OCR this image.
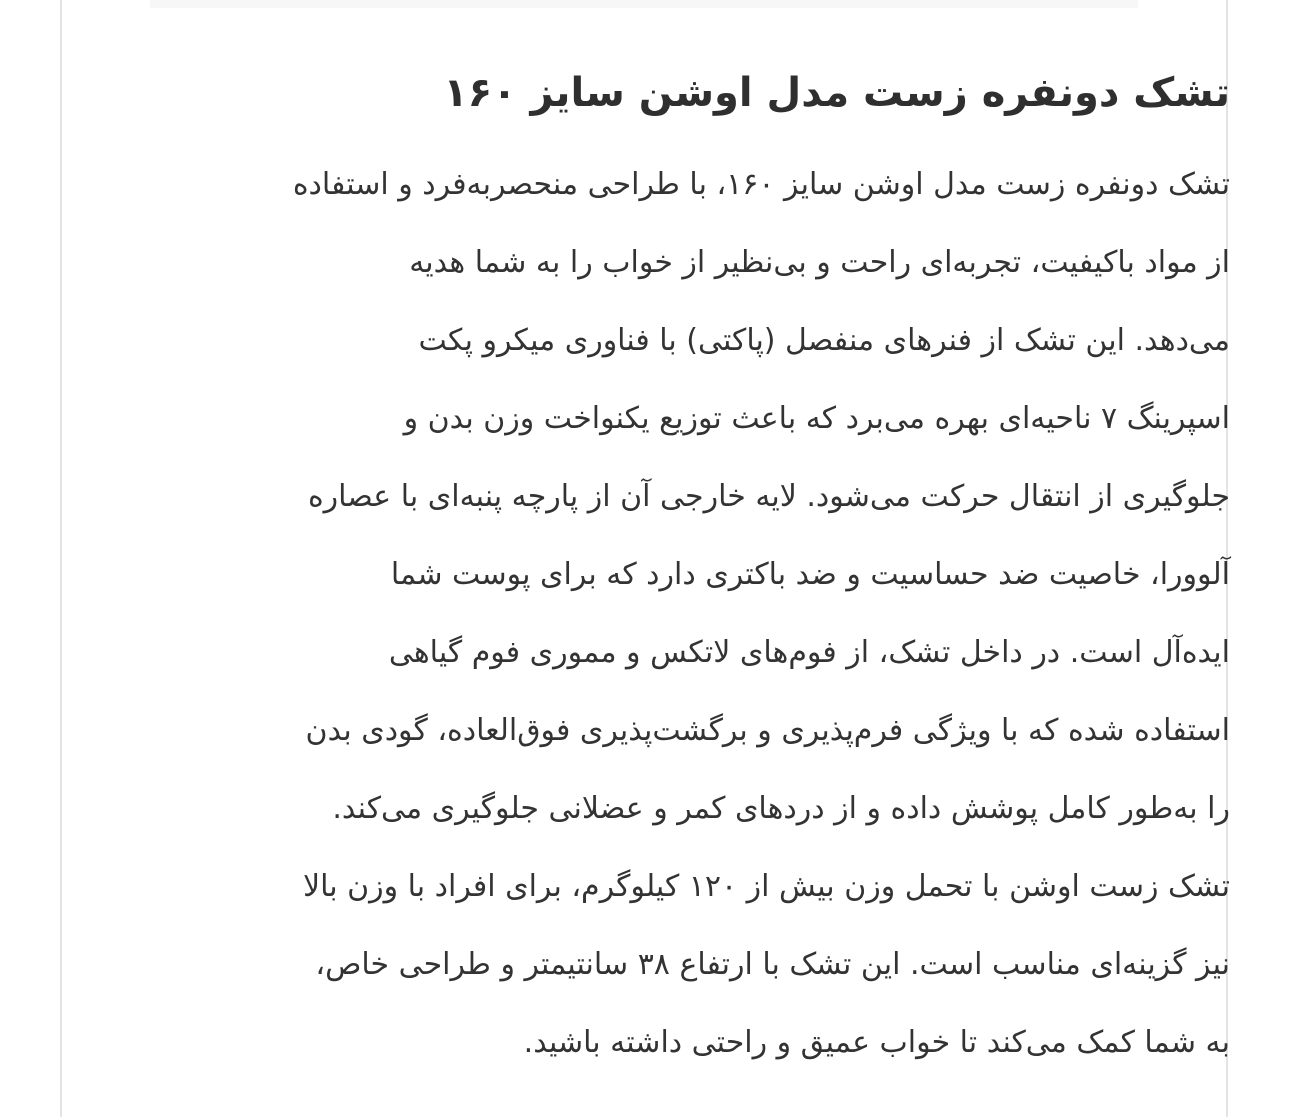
تشک دونفره زست مدل اوشن سایز ۱۶۰

تشک دونفره زست مدل اوشن سایز ۱۶۰، با طراحی منحصربه‌فرد و استفاده
از مواد باکیفیت، تجربه‌ای راحت و بی‌نظیر از خواب را به شما هدیه
می‌دهد. این تشک از فنرهای منفصل (پاکتی) با فناوری میکرو پکت
اسپرینگ ۷ ناحیه‌ای بهره می‌برد که باعث توزیع یکنواخت وزن بدن و
جلوگیری از انتقال حرکت می‌شود. لایه خارجی آن از پارچه پنبه‌ای با عصاره
آلوورا، خاصیت ضد حساسیت و ضد باکتری دارد که برای پوست شما
ایده‌آل است. در داخل تشک، از فوم‌های لاتکس و مموری فوم گیاهی
استفاده شده که با ویژگی فرم‌پذیری و برگشت‌پذیری فوق‌العاده، گودی بدن
را به‌طور کامل پوشش داده و از دردهای کمر و عضلانی جلوگیری می‌کند.
تشک زست اوشن با تحمل وزن بیش از ۱۲۰ کیلوگرم، برای افراد با وزن بالا
نیز گزینه‌ای مناسب است. این تشک با ارتفاع ۳۸ سانتیمتر و طراحی خاص،
به شما کمک می‌کند تا خواب عمیق و راحتی داشته باشید.
